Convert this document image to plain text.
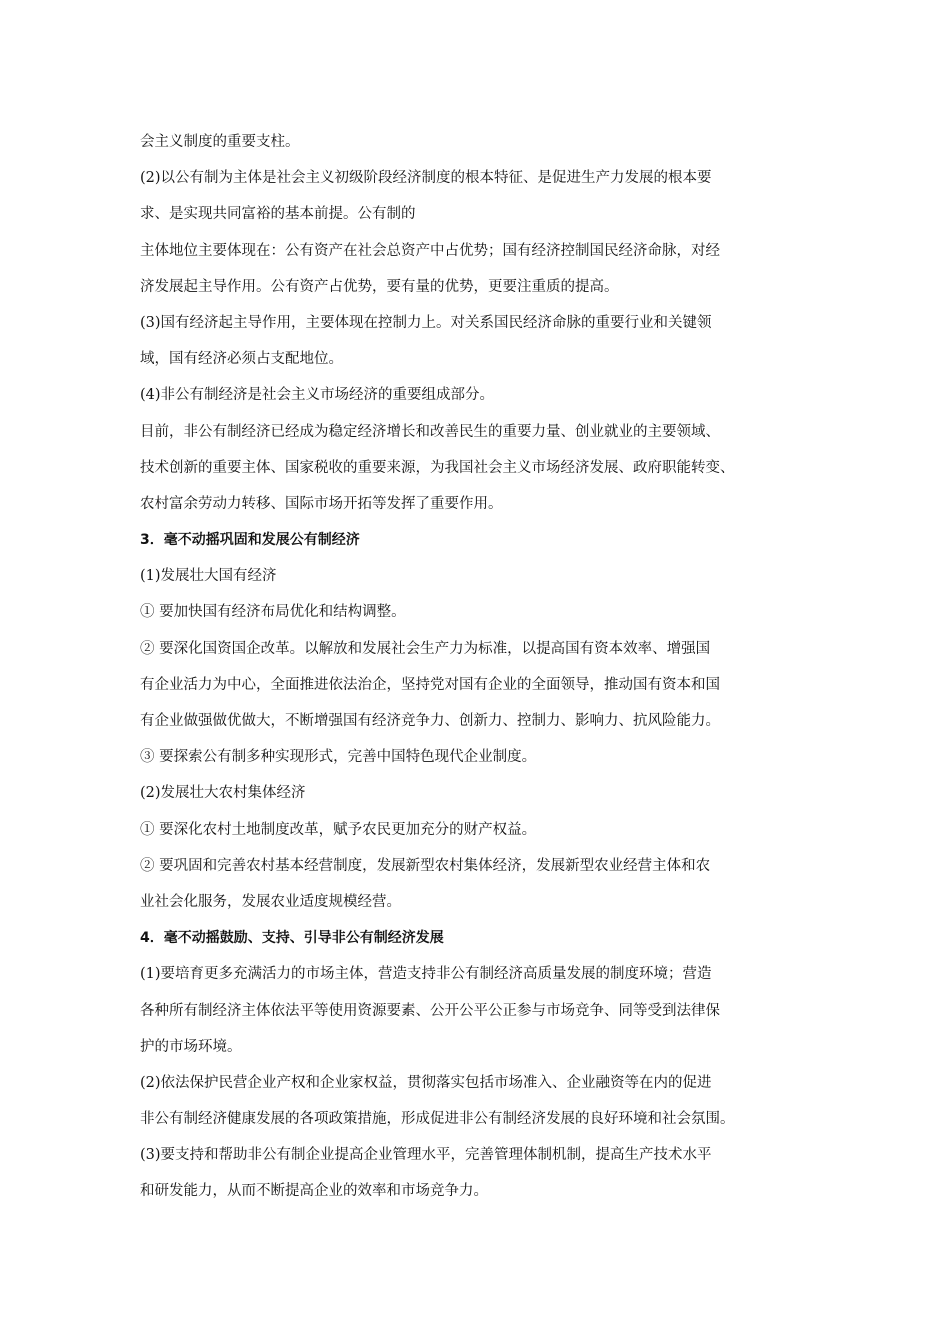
会主义制度的重要支柱。
(2)以公有制为主体是社会主义初级阶段经济制度的根本特征、是促进生产力发展的根本要
求、是实现共同富裕的基本前提。公有制的
主体地位主要体现在：公有资产在社会总资产中占优势；国有经济控制国民经济命脉，对经
济发展起主导作用。公有资产占优势，要有量的优势，更要注重质的提高。
(3)国有经济起主导作用，主要体现在控制力上。对关系国民经济命脉的重要行业和关键领
域，国有经济必须占支配地位。
(4)非公有制经济是社会主义市场经济的重要组成部分。
目前，非公有制经济已经成为稳定经济增长和改善民生的重要力量、创业就业的主要领域、
技术创新的重要主体、国家税收的重要来源，为我国社会主义市场经济发展、政府职能转变、
农村富余劳动力转移、国际市场开拓等发挥了重要作用。
3．毫不动摇巩固和发展公有制经济
(1)发展壮大国有经济
① 要加快国有经济布局优化和结构调整。
② 要深化国资国企改革。以解放和发展社会生产力为标准，以提高国有资本效率、增强国
有企业活力为中心，全面推进依法治企，坚持党对国有企业的全面领导，推动国有资本和国
有企业做强做优做大，不断增强国有经济竞争力、创新力、控制力、影响力、抗风险能力。
③ 要探索公有制多种实现形式，完善中国特色现代企业制度。
(2)发展壮大农村集体经济
① 要深化农村土地制度改革，赋予农民更加充分的财产权益。
② 要巩固和完善农村基本经营制度，发展新型农村集体经济，发展新型农业经营主体和农
业社会化服务，发展农业适度规模经营。
4．毫不动摇鼓励、支持、引导非公有制经济发展
(1)要培育更多充满活力的市场主体，营造支持非公有制经济高质量发展的制度环境；营造
各种所有制经济主体依法平等使用资源要素、公开公平公正参与市场竞争、同等受到法律保
护的市场环境。
(2)依法保护民营企业产权和企业家权益，贯彻落实包括市场准入、企业融资等在内的促进
非公有制经济健康发展的各项政策措施，形成促进非公有制经济发展的良好环境和社会氛围。
(3)要支持和帮助非公有制企业提高企业管理水平，完善管理体制机制，提高生产技术水平
和研发能力，从而不断提高企业的效率和市场竞争力。
